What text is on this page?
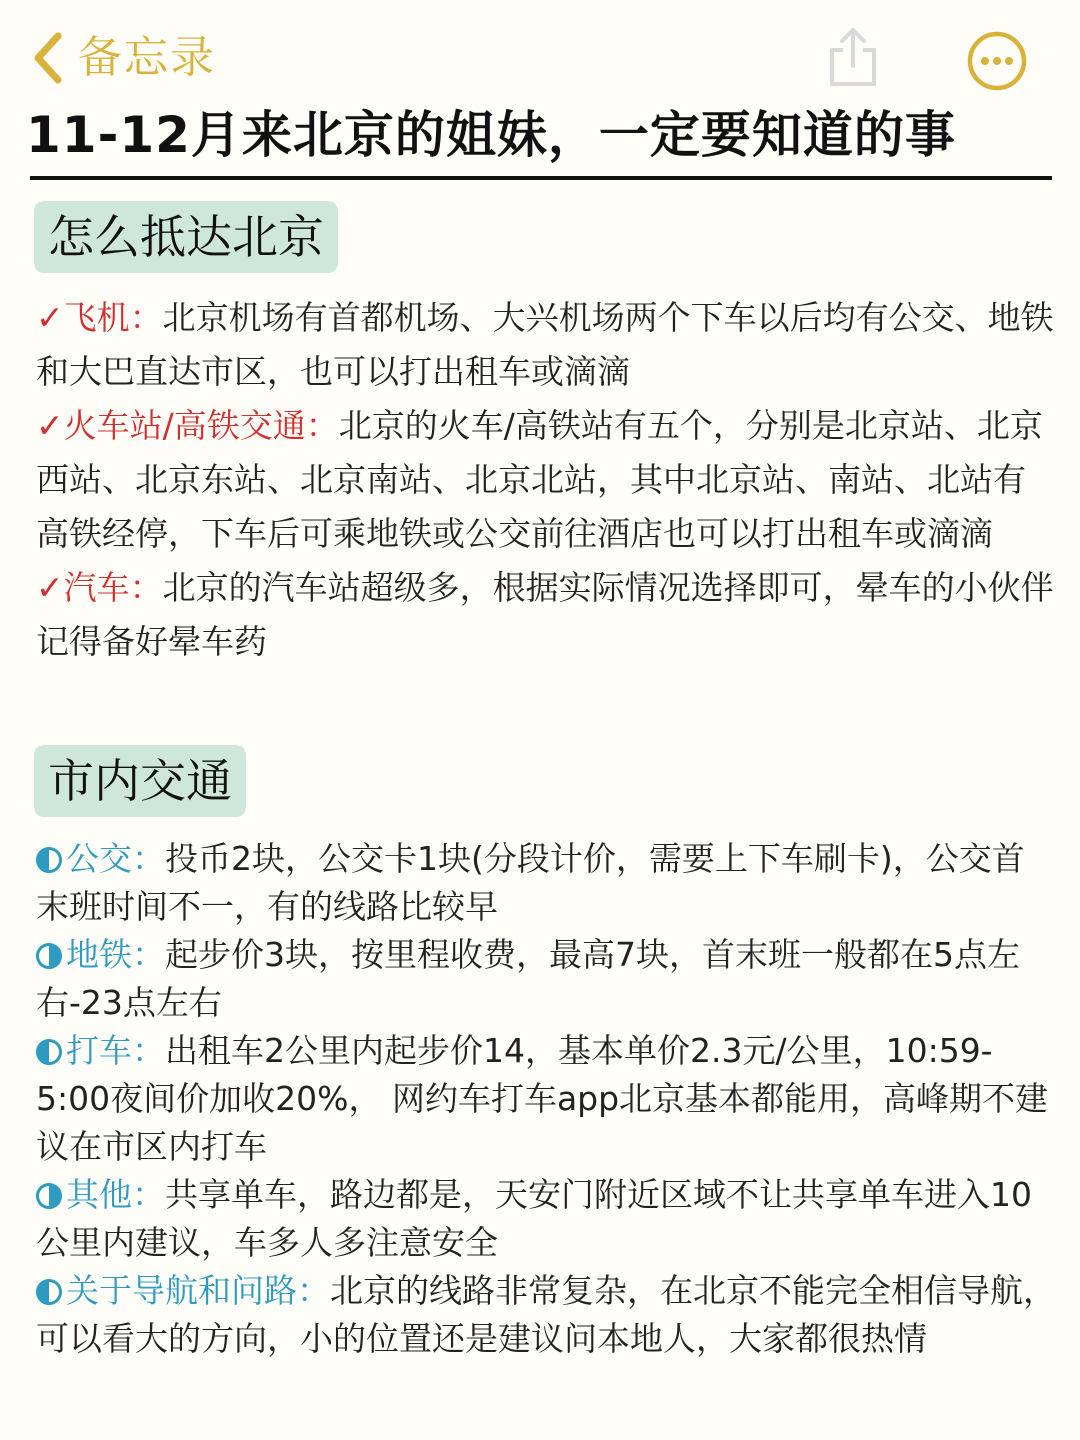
备忘录
11-12月来北京的姐妹，一定要知道的事
怎么抵达北京

✓飞机：北京机场有首都机场、大兴机场两个下车以后均有公交、地铁和大巴直达市区，也可以打出租车或滴滴

✓火车站/高铁交通：北京的火车/高铁站有五个，分别是北京站、北京西站、北京东站、北京南站、北京北站，其中北京站、南站、北站有高铁经停，下车后可乘地铁或公交前往酒店也可以打出租车或滴滴

✓汽车：北京的汽车站超级多，根据实际情况选择即可，晕车的小伙伴记得备好晕车药

市内交通

公交：投币2块，公交卡1块(分段计价，需要上下车刷卡)，公交首末班时间不一，有的线路比较早

地铁：起步价3块，按里程收费，最高7块，首末班一般都在5点左右-23点左右

打车：出租车2公里内起步价14，基本单价2.3元/公里，10:59-5:00夜间价加收20%， 网约车打车app北京基本都能用，高峰期不建议在市区内打车

其他：共享单车，路边都是，天安门附近区域不让共享单车进入10公里内建议，车多人多注意安全

关于导航和问路：北京的线路非常复杂，在北京不能完全相信导航，可以看大的方向，小的位置还是建议问本地人，大家都很热情
